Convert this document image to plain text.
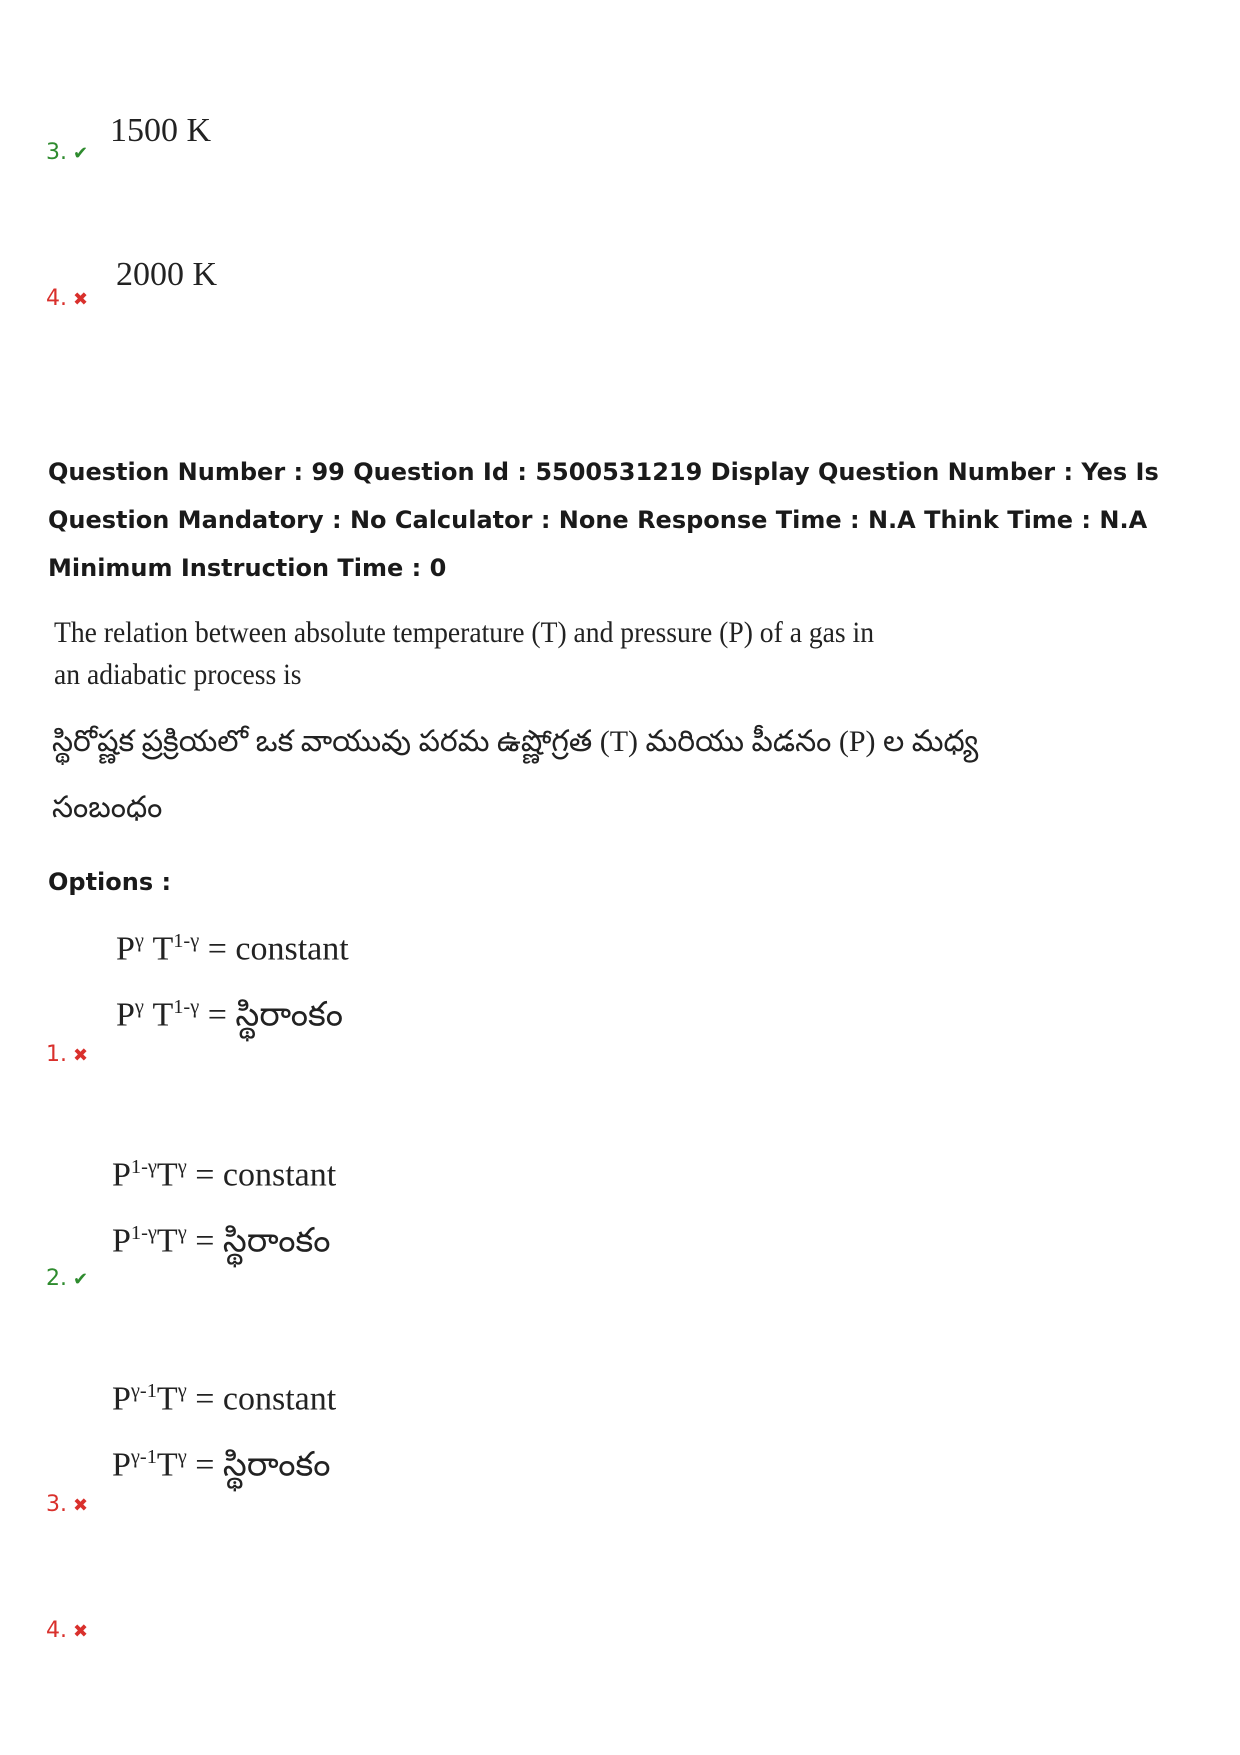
3. ✔
1500 K
4. ✖
2000 K
Question Number : 99 Question Id : 5500531219 Display Question Number : Yes Is Question Mandatory : No Calculator : None Response Time : N.A Think Time : N.A Minimum Instruction Time : 0
The relation between absolute temperature (T) and pressure (P) of a gas in an adiabatic process is
స్థిరోష్ణక ప్రక్రియలో ఒక వాయువు పరమ ఉష్ణోగ్రత (T) మరియు పీడనం (P) ల మధ్య
సంబంధం
Options :
$P^\gamma$ $T^{1-\gamma}$ = constant
$P^\gamma$ $T^{1-\gamma}$ = స్థిరాంకం
1. ✖
$P^{1-\gamma}T^\gamma$ = constant
$P^{1-\gamma}T^\gamma$ = స్థిరాంకం
2. ✔
$P^{\gamma-1}T^\gamma$ = constant
$P^{\gamma-1}T^\gamma$ = స్థిరాంకం
3. ✖
4. ✖
